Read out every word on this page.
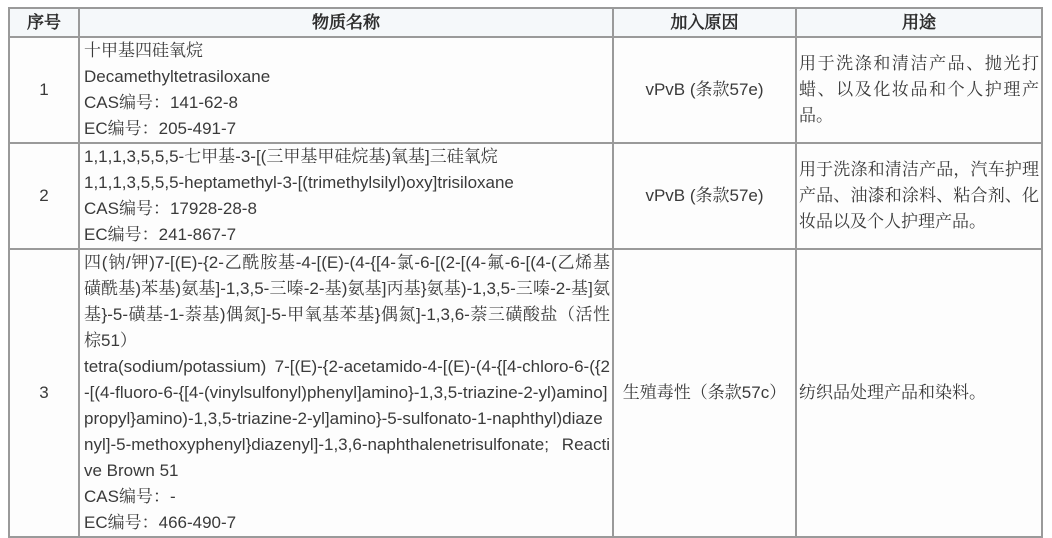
序号	物质名称	加入原因	用途
1	十甲基四硅氧烷
Decamethyltetrasiloxane
CAS编号：141-62-8
EC编号：205-491-7	vPvB (条款57e)	用于洗涤和清洁产品、抛光打蜡、以及化妆品和个人护理产品。
2	1,1,1,3,5,5,5-七甲基-3-[(三甲基甲硅烷基)氧基]三硅氧烷
1,1,1,3,5,5,5-heptamethyl-3-[(trimethylsilyl)oxy]trisiloxane
CAS编号：17928-28-8
EC编号：241-867-7	vPvB (条款57e)	用于洗涤和清洁产品，汽车护理产品、油漆和涂料、粘合剂、化妆品以及个人护理产品。
3	四(钠/钾)7-[(E)-{2-乙酰胺基-4-[(E)-(4-{[4-氯-6-[(2-[(4-氟-6-[(4-(乙烯基磺酰基)苯基)氨基]-1,3,5-三嗪-2-基)氨基]丙基}氨基)-1,3,5-三嗪-2-基]氨基}-5-磺基-1-萘基)偶氮]-5-甲氧基苯基}偶氮]-1,3,6-萘三磺酸盐（活性棕51）
tetra(sodium/potassium) 7-[(E)-{2-acetamido-4-[(E)-(4-{[4-chloro-6-({2-[(4-fluoro-6-{[4-(vinylsulfonyl)phenyl]amino}-1,3,5-triazine-2-yl)amino]propyl}amino)-1,3,5-triazine-2-yl]amino}-5-sulfonato-1-naphthyl)diazenyl]-5-methoxyphenyl}diazenyl]-1,3,6-naphthalenetrisulfonate; Reactive Brown 51
CAS编号：-
EC编号：466-490-7	生殖毒性（条款57c）	纺织品处理产品和染料。
